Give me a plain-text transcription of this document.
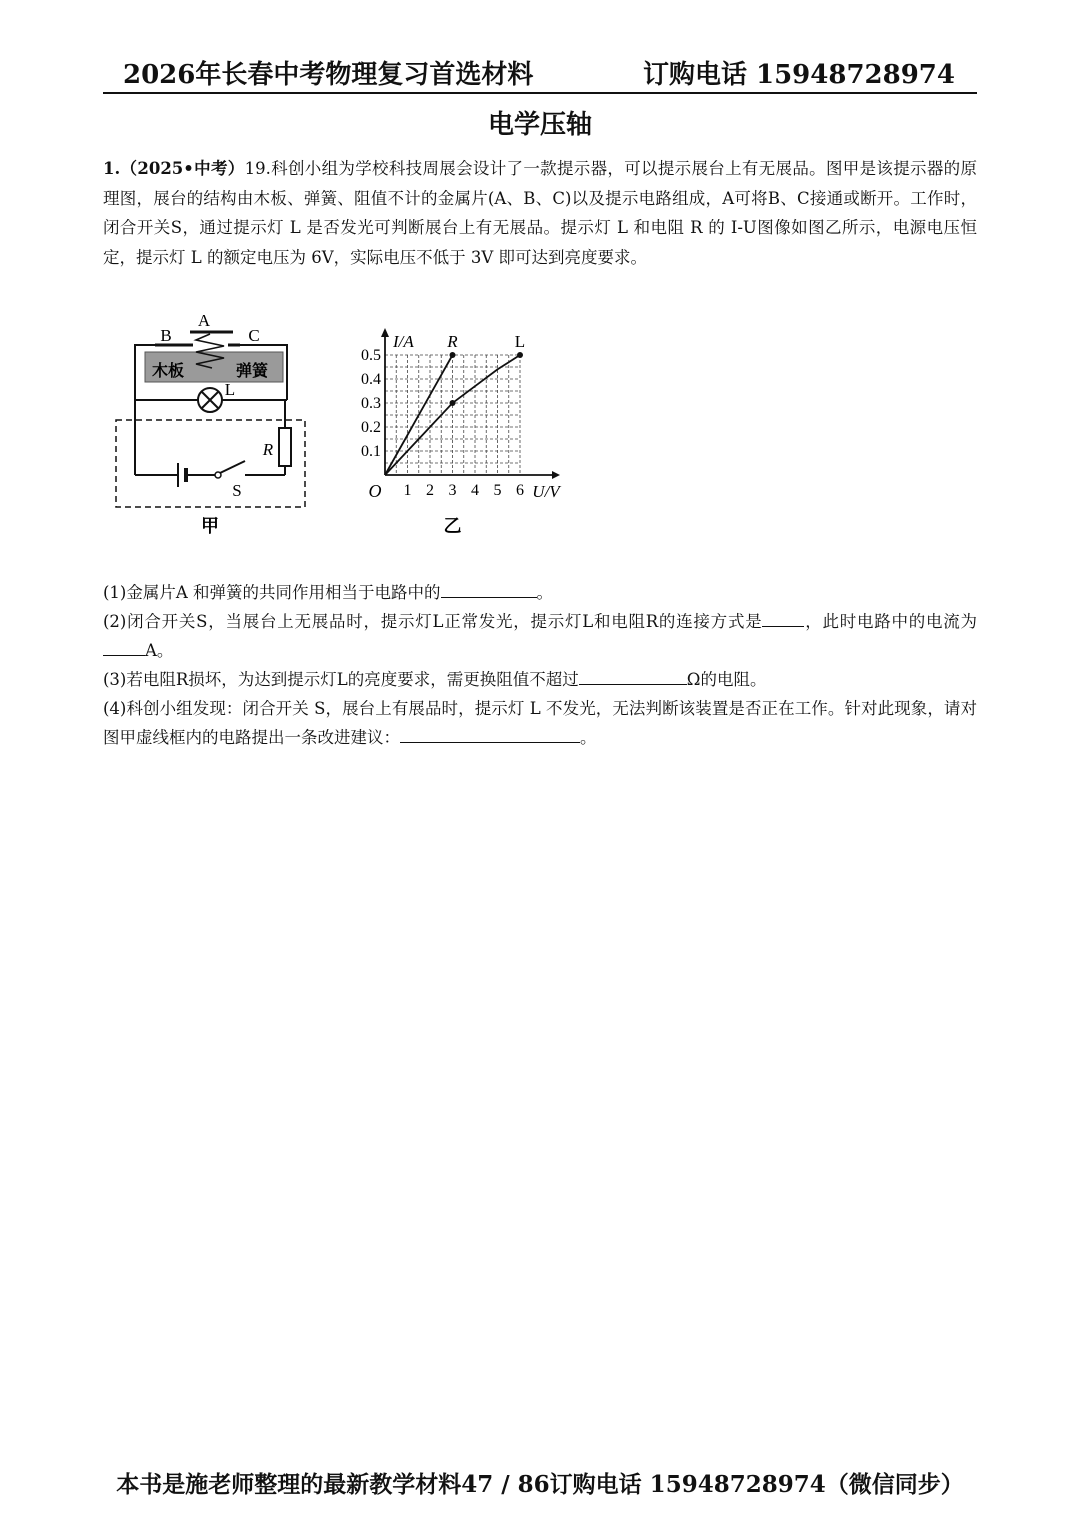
2026年长春中考物理复习首选材料	订购电话 15948728974
电学压轴
1.（2025•中考）19.科创小组为学校科技周展会设计了一款提示器，可以提示展台上有无展品。图甲是该提示器的原理图，展台的结构由木板、弹簧、阻值不计的金属片(A、B、C)以及提示电路组成，A可将B、C接通或断开。工作时，闭合开关S，通过提示灯 L 是否发光可判断展台上有无展品。提示灯 L 和电阻 R 的 I-U图像如图乙所示，电源电压恒定，提示灯 L 的额定电压为 6V，实际电压不低于 3V 即可达到亮度要求。
A
B	C
木板	弹簧
L
R
S
甲
1 2 3 4 5 6
0.1
0.2
0.3
0.4
0.5
O	U/V
I/A R	L
乙

(1)金属片A 和弹簧的共同作用相当于电路中的	。

(2)闭合开关S，当展台上无展品时，提示灯L正常发光，提示灯L和电阻R的连接方式是	，此时电路中的电流为A。

(3)若电阻R损坏，为达到提示灯L的亮度要求，需更换阻值不超过	Ω的电阻。

(4)科创小组发现：闭合开关 S，展台上有展品时，提示灯 L 不发光，无法判断该装置是否正在工作。针对此现象，请对图甲虚线框内的电路提出一条改进建议：	。

本书是施老师整理的最新教学材料47 / 86订购电话 15948728974（微信同步）
